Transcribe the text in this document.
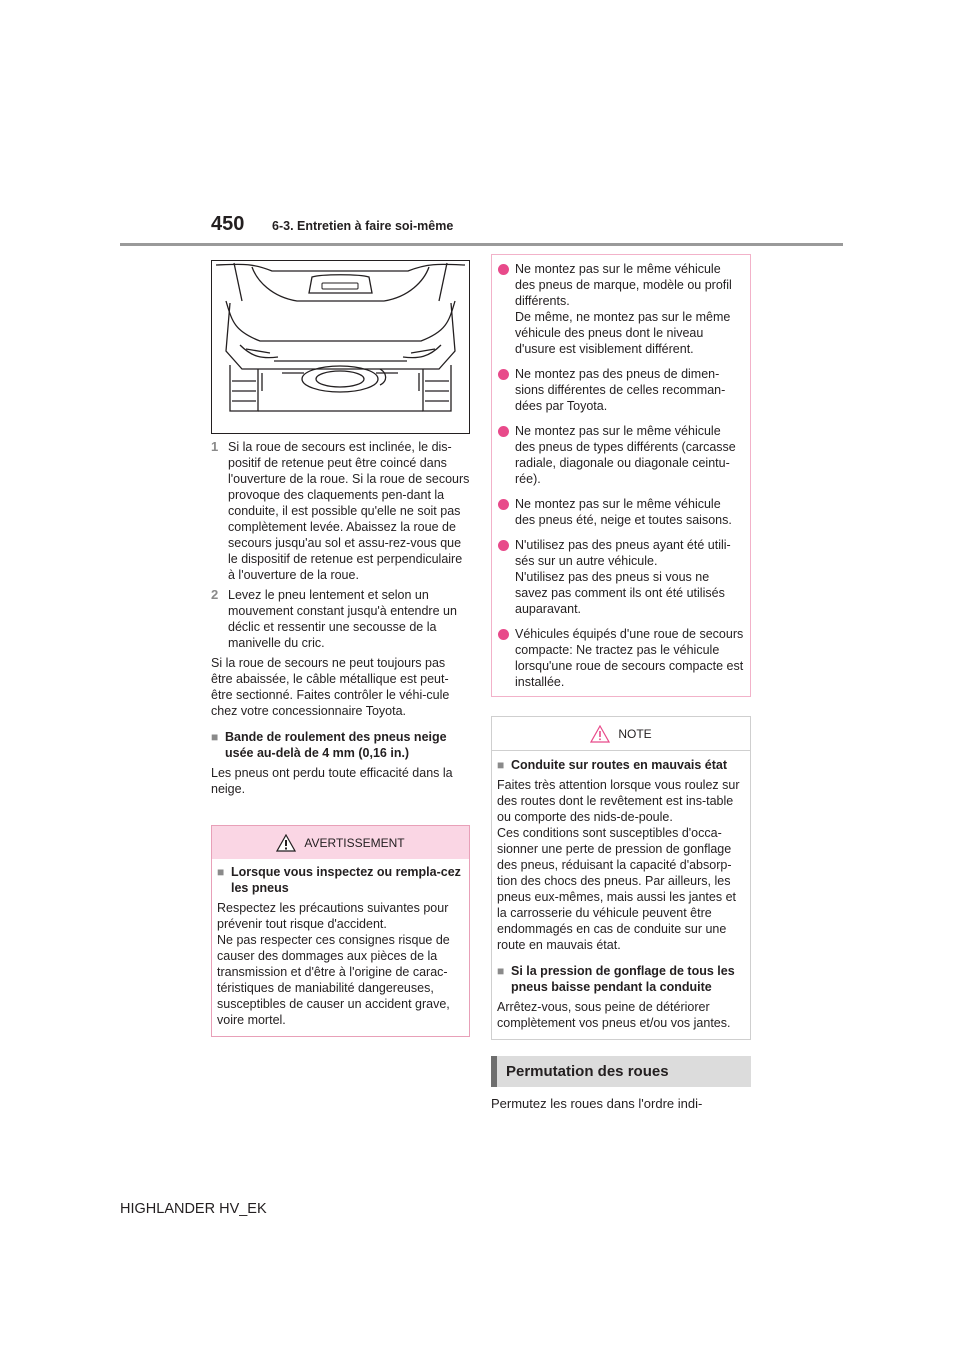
450 6-3. Entretien à faire soi-même
1 Si la roue de secours est inclinée, le dis-positif de retenue peut être coincé dans l'ouverture de la roue. Si la roue de secours provoque des claquements pen-dant la conduite, il est possible qu'elle ne soit pas complètement levée. Abaissez la roue de secours jusqu'au sol et assu-rez-vous que le dispositif de retenue est perpendiculaire à l'ouverture de la roue.
2 Levez le pneu lentement et selon un mouvement constant jusqu'à entendre un déclic et ressentir une secousse de la manivelle du cric.

Si la roue de secours ne peut toujours pas être abaissée, le câble métallique est peut-être sectionné. Faites contrôler le véhi-cule chez votre concessionnaire Toyota.

■ Bande de roulement des pneus neige usée au-delà de 4 mm (0,16 in.)

Les pneus ont perdu toute efficacité dans la neige.

AVERTISSEMENT
■ Lorsque vous inspectez ou rempla-cez les pneus

Respectez les précautions suivantes pour prévenir tout risque d'accident.
Ne pas respecter ces consignes risque de causer des dommages aux pièces de la transmission et d'être à l'origine de carac-téristiques de maniabilité dangereuses, susceptibles de causer un accident grave, voire mortel.

Ne montez pas sur le même véhicule des pneus de marque, modèle ou profil différents.
De même, ne montez pas sur le même véhicule des pneus dont le niveau d'usure est visiblement différent.
Ne montez pas des pneus de dimen-sions différentes de celles recomman-dées par Toyota.
Ne montez pas sur le même véhicule des pneus de types différents (carcasse radiale, diagonale ou diagonale ceintu-rée).
Ne montez pas sur le même véhicule des pneus été, neige et toutes saisons.
N'utilisez pas des pneus ayant été utili-sés sur un autre véhicule.
N'utilisez pas des pneus si vous ne savez pas comment ils ont été utilisés auparavant.
Véhicules équipés d'une roue de secours compacte: Ne tractez pas le véhicule lorsqu'une roue de secours compacte est installée.
NOTE
■ Conduite sur routes en mauvais état

Faites très attention lorsque vous roulez sur des routes dont le revêtement est ins-table ou comporte des nids-de-poule.
Ces conditions sont susceptibles d'occa-sionner une perte de pression de gonflage des pneus, réduisant la capacité d'absorp-tion des chocs des pneus. Par ailleurs, les pneus eux-mêmes, mais aussi les jantes et la carrosserie du véhicule peuvent être endommagés en cas de conduite sur une route en mauvais état.

■ Si la pression de gonflage de tous les pneus baisse pendant la conduite

Arrêtez-vous, sous peine de détériorer complètement vos pneus et/ou vos jantes.

Permutation des roues

Permutez les roues dans l'ordre indi-

HIGHLANDER HV_EK
